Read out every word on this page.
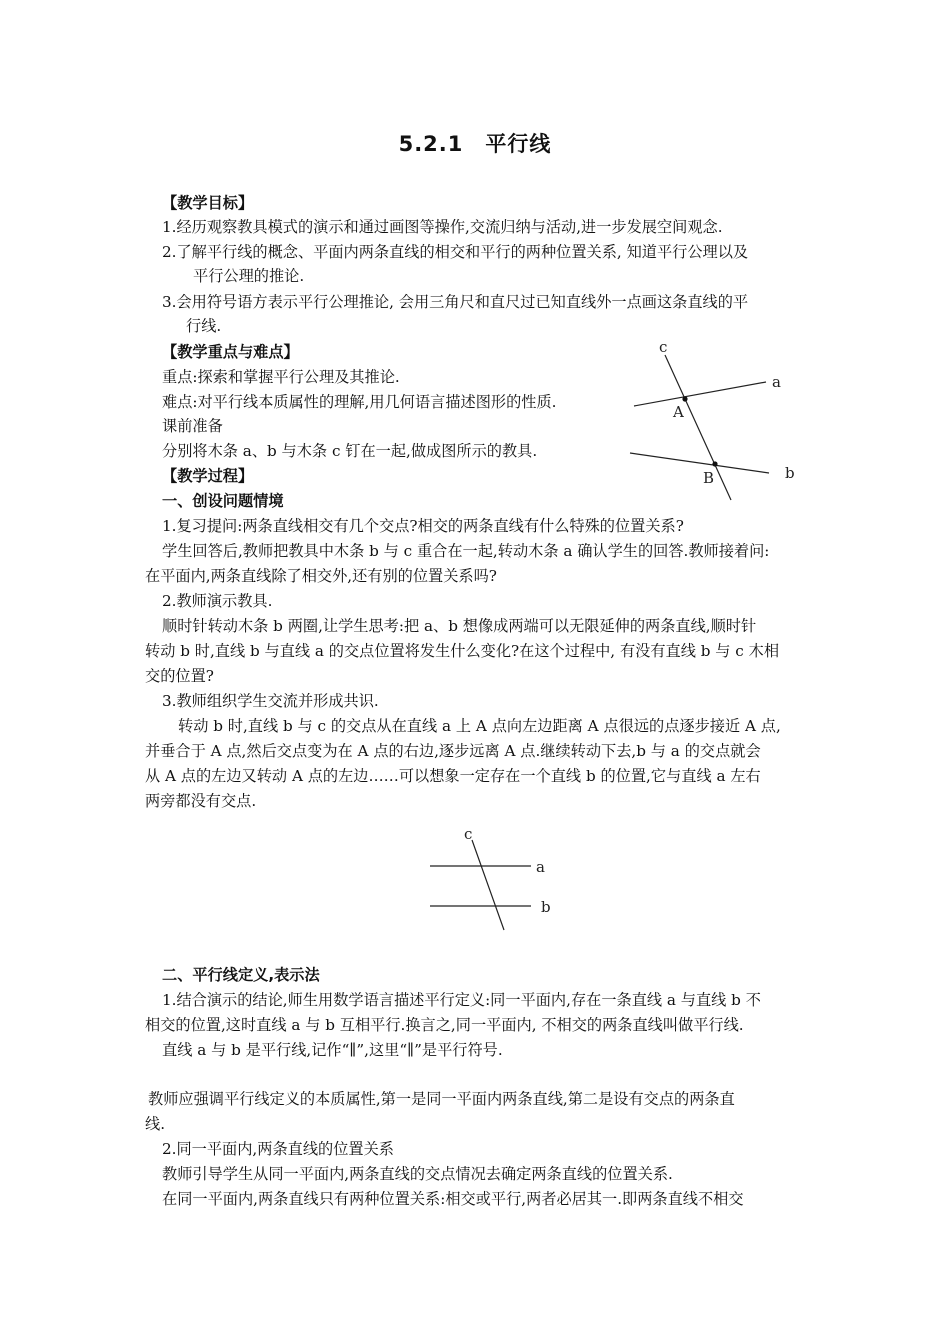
5.2.1　平行线
【教学目标】
1.经历观察教具模式的演示和通过画图等操作,交流归纳与活动,进一步发展空间观念.
2.了解平行线的概念、平面内两条直线的相交和平行的两种位置关系, 知道平行公理以及
平行公理的推论.
3.会用符号语方表示平行公理推论, 会用三角尺和直尺过已知直线外一点画这条直线的平
行线.
【教学重点与难点】
重点:探索和掌握平行公理及其推论.
难点:对平行线本质属性的理解,用几何语言描述图形的性质.
课前准备
分别将木条 a、b 与木条 c 钉在一起,做成图所示的教具.
c
a
A
b
B
【教学过程】
一、创设问题情境
1.复习提问:两条直线相交有几个交点?相交的两条直线有什么特殊的位置关系?
学生回答后,教师把教具中木条 b 与 c 重合在一起,转动木条 a 确认学生的回答.教师接着问:
在平面内,两条直线除了相交外,还有别的位置关系吗?
2.教师演示教具.
顺时针转动木条 b 两圈,让学生思考:把 a、b 想像成两端可以无限延伸的两条直线,顺时针
转动 b 时,直线 b 与直线 a 的交点位置将发生什么变化?在这个过程中, 有没有直线 b 与 c 木相
交的位置?
3.教师组织学生交流并形成共识.
转动 b 时,直线 b 与 c 的交点从在直线 a 上 A 点向左边距离 A 点很远的点逐步接近 A 点,
并垂合于 A 点,然后交点变为在 A 点的右边,逐步远离 A 点.继续转动下去,b 与 a 的交点就会
从 A 点的左边又转动 A 点的左边……可以想象一定存在一个直线 b 的位置,它与直线 a 左右
两旁都没有交点.
c
a
b
二、平行线定义,表示法
1.结合演示的结论,师生用数学语言描述平行定义:同一平面内,存在一条直线 a 与直线 b 不
相交的位置,这时直线 a 与 b 互相平行.换言之,同一平面内, 不相交的两条直线叫做平行线.
直线 a 与 b 是平行线,记作“∥”,这里“∥”是平行符号.
教师应强调平行线定义的本质属性,第一是同一平面内两条直线,第二是设有交点的两条直
线.
2.同一平面内,两条直线的位置关系
教师引导学生从同一平面内,两条直线的交点情况去确定两条直线的位置关系.
在同一平面内,两条直线只有两种位置关系:相交或平行,两者必居其一.即两条直线不相交
